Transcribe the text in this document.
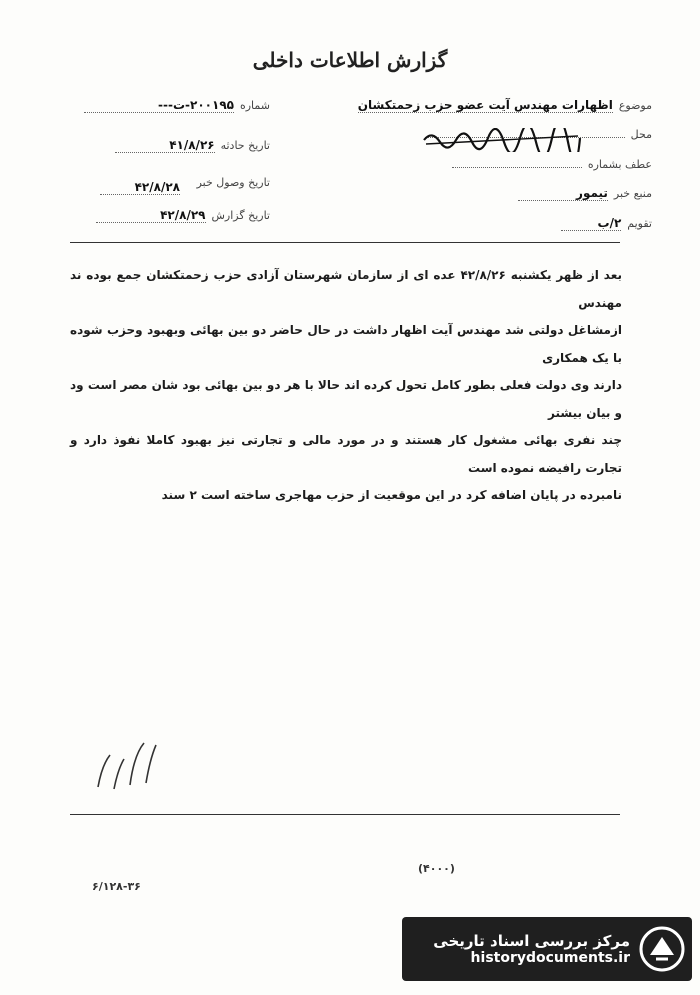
گزارش اطلاعات داخلی
شماره
۲۰۰۱۹۵-ت---
تاریخ حادثه
۴۱/۸/۲۶
تاریخ وصول خبر
۴۲/۸/۲۸
تاریخ گزارش
۴۲/۸/۲۹
موضوع
اظهارات مهندس آیت عضو حزب زحمتکشان
محل
عطف بشماره
منبع خبر
تیمور
تقویم
۲/ب
بعد از ظهر یکشنبه ۴۲/۸/۲۶ عده ای از سازمان شهرستان آزادی حزب زحمتکشان جمع بوده ند مهندس
ازمشاغل دولتی شد مهندس آیت اظهار داشت در حال حاضر دو بین بهائی وبهبود وحزب شوده با یک همکاری
دارند وی دولت فعلی بطور کامل تحول کرده اند حالا با هر دو بین بهائی بود شان مصر است ود و بیان بیشتر
چند نفری بهائی مشغول کار هستند و در مورد مالی و تجارتی نیز بهبود کاملا نفوذ دارد و تجارت رافیضه نموده است
نامبرده در پایان اضافه کرد در این موقعیت از حزب مهاجری ساخته است ۲ سند
(۴۰۰۰)
۶/۱۲۸-۳۶
مرکز بررسی اسناد تاریخی
historydocuments.ir
